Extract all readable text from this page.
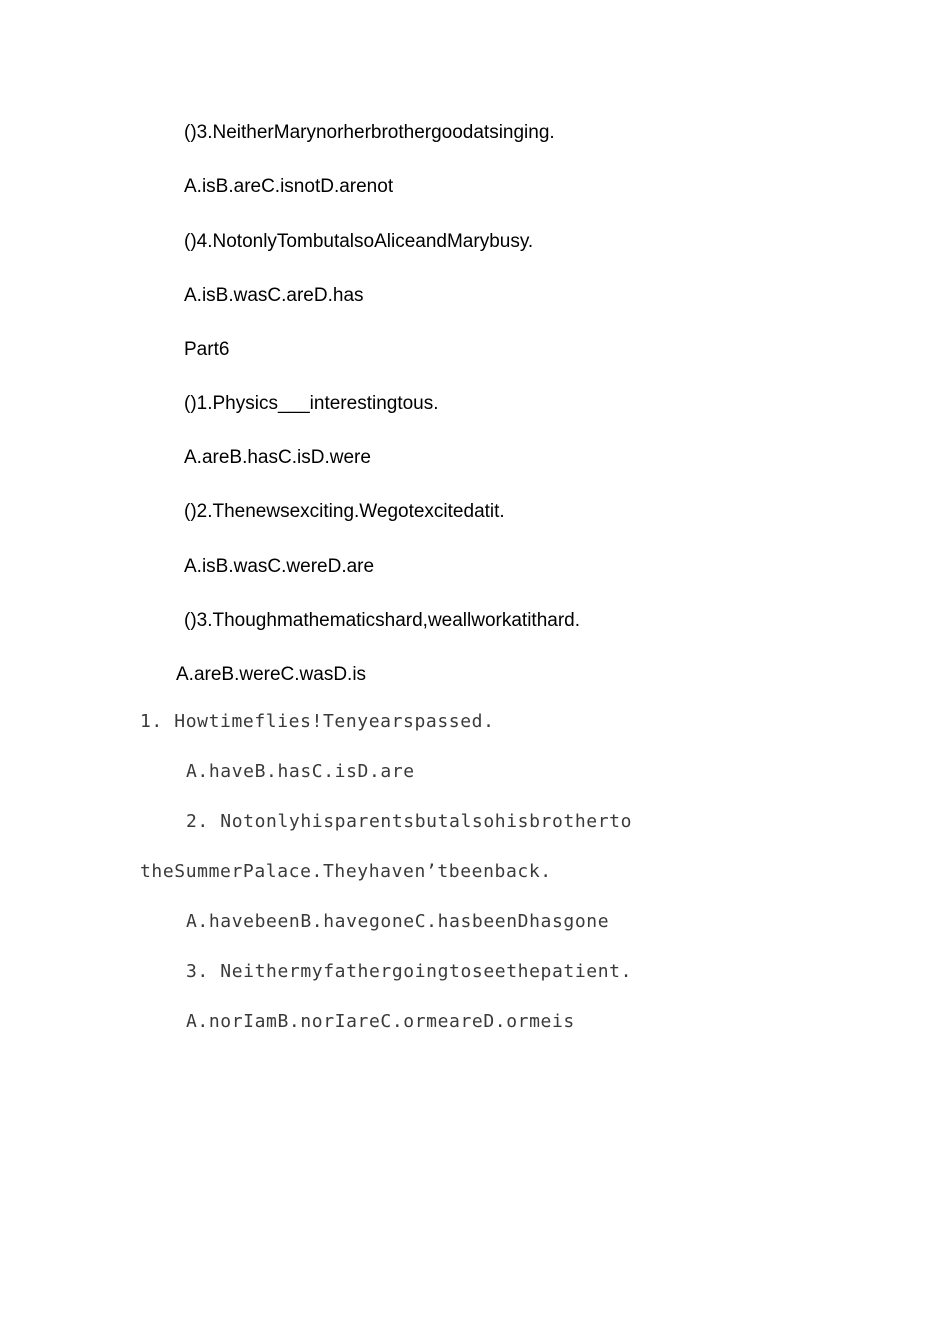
()3.NeitherMarynorherbrothergoodatsinging.
A.isB.areC.isnotD.arenot
()4.NotonlyTombutalsoAliceandMarybusy.
A.isB.wasC.areD.has
Part6
()1.Physics___interestingtous.
A.areB.hasC.isD.were
()2.Thenewsexciting.Wegotexcitedatit.
A.isB.wasC.wereD.are
()3.Thoughmathematicshard,weallworkatithard.
A.areB.wereC.wasD.is
1. Howtimeflies!Tenyearspassed.
A.haveB.hasC.isD.are
2. Notonlyhisparentsbutalsohisbrotherto
theSummerPalace.Theyhaven’tbeenback.
A.havebeenB.havegoneC.hasbeenDhasgone
3. Neithermyfathergoingtoseethepatient.
A.norIamB.norIareC.ormeareD.ormeis
